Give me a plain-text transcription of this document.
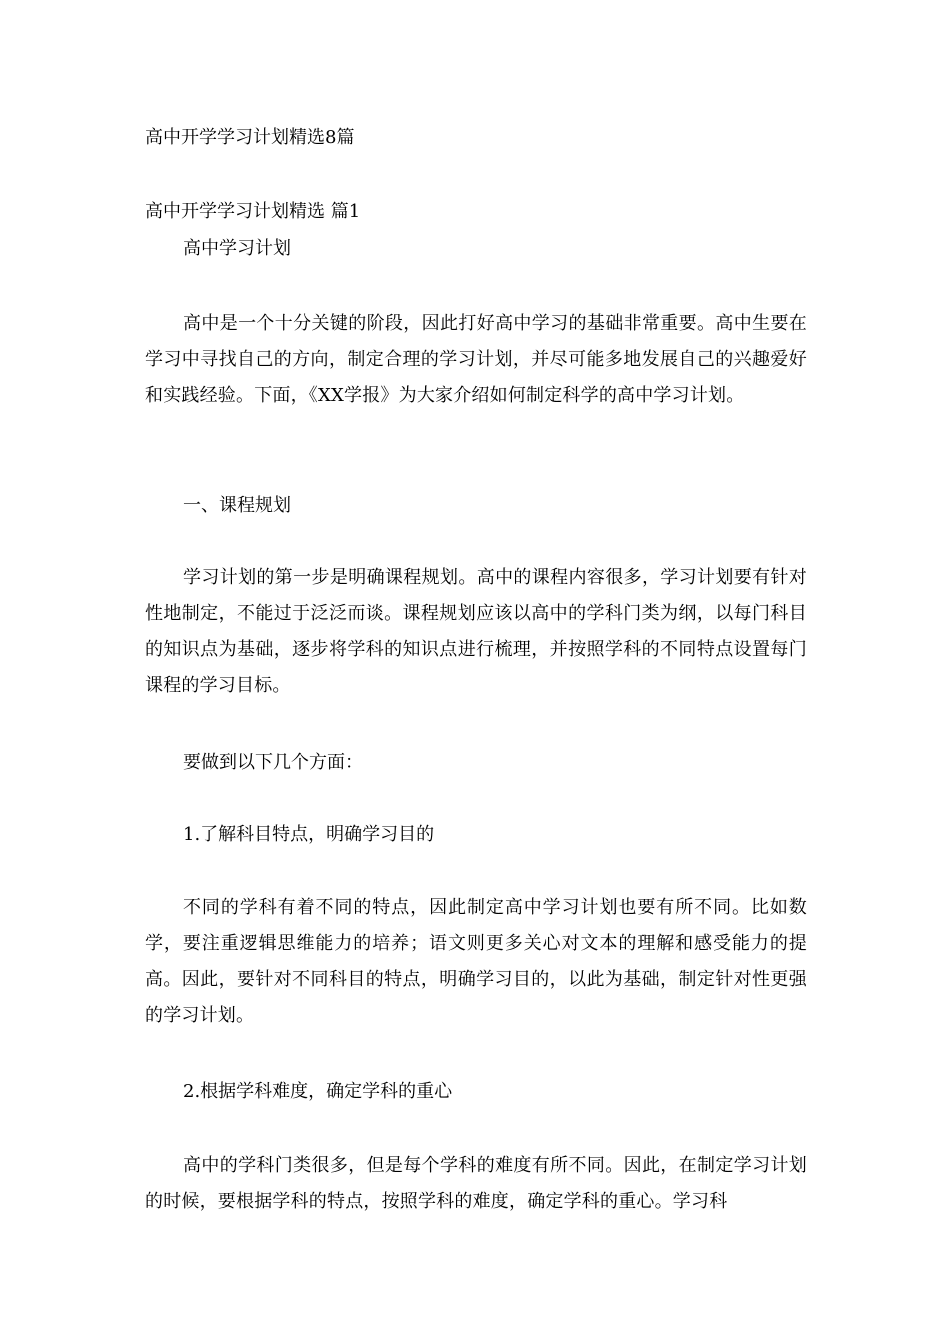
高中开学学习计划精选8篇
高中开学学习计划精选 篇1
高中学习计划
高中是一个十分关键的阶段，因此打好高中学习的基础非常重要。高中生要在学习中寻找自己的方向，制定合理的学习计划，并尽可能多地发展自己的兴趣爱好和实践经验。下面，《XX学报》为大家介绍如何制定科学的高中学习计划。
一、课程规划
学习计划的第一步是明确课程规划。高中的课程内容很多，学习计划要有针对性地制定，不能过于泛泛而谈。课程规划应该以高中的学科门类为纲，以每门科目的知识点为基础，逐步将学科的知识点进行梳理，并按照学科的不同特点设置每门课程的学习目标。
要做到以下几个方面：
1.了解科目特点，明确学习目的
不同的学科有着不同的特点，因此制定高中学习计划也要有所不同。比如数学，要注重逻辑思维能力的培养；语文则更多关心对文本的理解和感受能力的提高。因此，要针对不同科目的特点，明确学习目的，以此为基础，制定针对性更强的学习计划。
2.根据学科难度，确定学科的重心
高中的学科门类很多，但是每个学科的难度有所不同。因此，在制定学习计划的时候，要根据学科的特点，按照学科的难度，确定学科的重心。学习科
